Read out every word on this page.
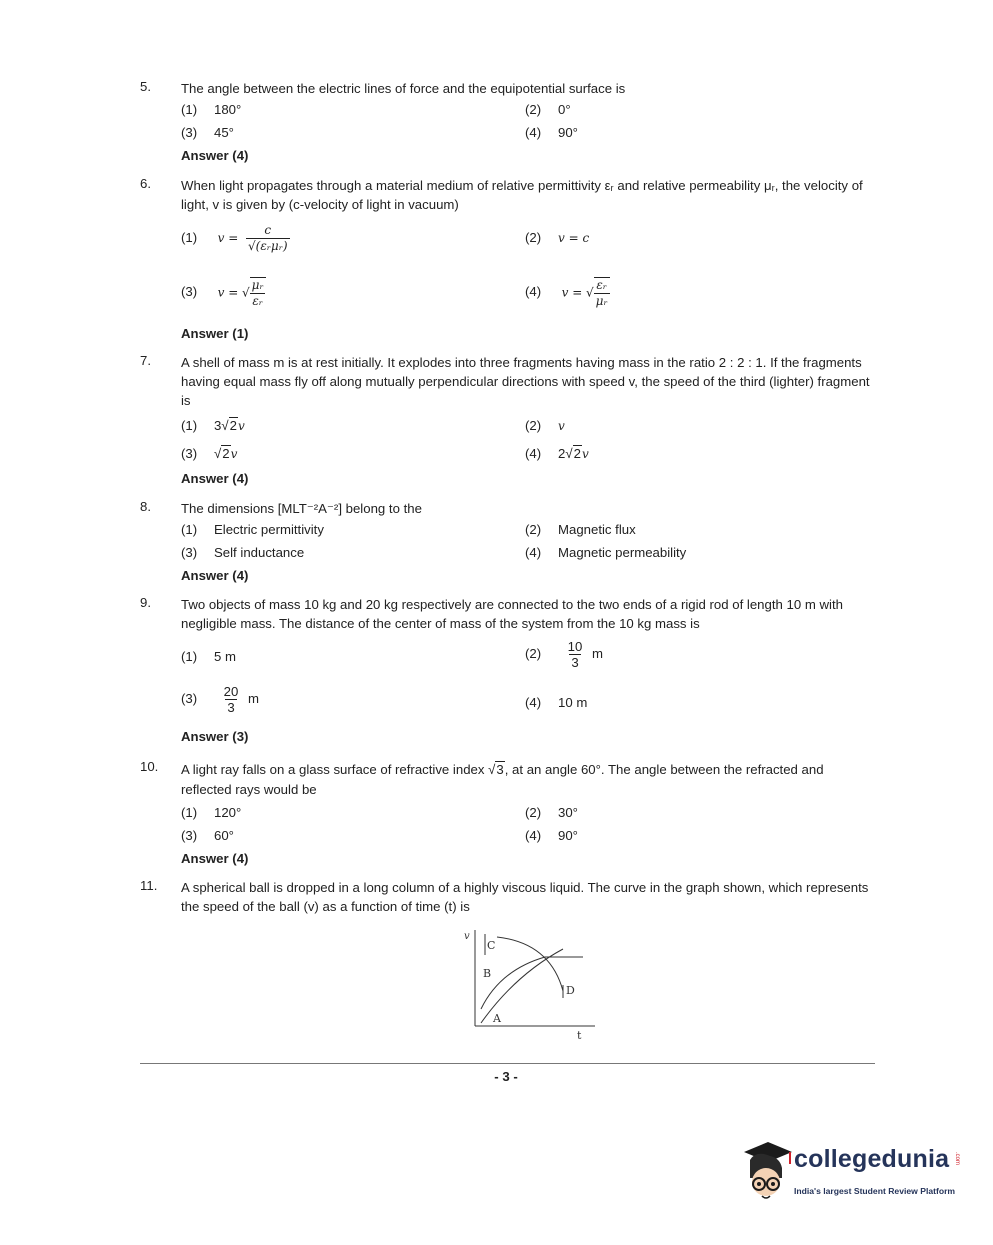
5.	The angle between the electric lines of force and the equipotential surface is
(1) 180°	(2) 0°
(3) 45°	(4) 90°
Answer (4)
6.	When light propagates through a material medium of relative permittivity εᵣ and relative permeability μᵣ, the velocity of light, v is given by (c-velocity of light in vacuum)
(1) $v = \frac{c}{\text{√(εᵣμᵣ)}}$	(2) v = c
(3) v = √ $\frac{\text{μᵣ}}{\text{εᵣ}}$	(4) v = √ $\frac{\text{εᵣ}}{\text{μᵣ}}$
Answer (1)
7.	A shell of mass m is at rest initially. It explodes into three fragments having mass in the ratio 2 : 2 : 1. If the fragments having equal mass fly off along mutually perpendicular directions with speed v, the speed of the third (lighter) fragment is
(1) 3√2v	(2) v
(3) √2v	(4) 2√2v
Answer (4)
8.	The dimensions [MLT⁻²A⁻²] belong to the
(1) Electric permittivity	(2) Magnetic flux
(3) Self inductance	(4) Magnetic permeability
Answer (4)
9.	Two objects of mass 10 kg and 20 kg respectively are connected to the two ends of a rigid rod of length 10 m with negligible mass. The distance of the center of mass of the system from the 10 kg mass is
(1) 5 m	$(2) \frac{10}{3}$ m
$(3) \frac{20}{3}$ m	(4) 10 m
Answer (3)
10.	A light ray falls on a glass surface of refractive index √3, at an angle 60°. The angle between the refracted and reflected rays would be
(1) 120°	(2) 30°
(3) 60°	(4) 90°
Answer (4)
11.	A spherical ball is dropped in a long column of a highly viscous liquid. The curve in the graph shown, which represents the speed of the ball (v) as a function of time (t) is
v
t
C
B
D
A
- 3 -
collegedunia .com
India's largest Student Review Platform
